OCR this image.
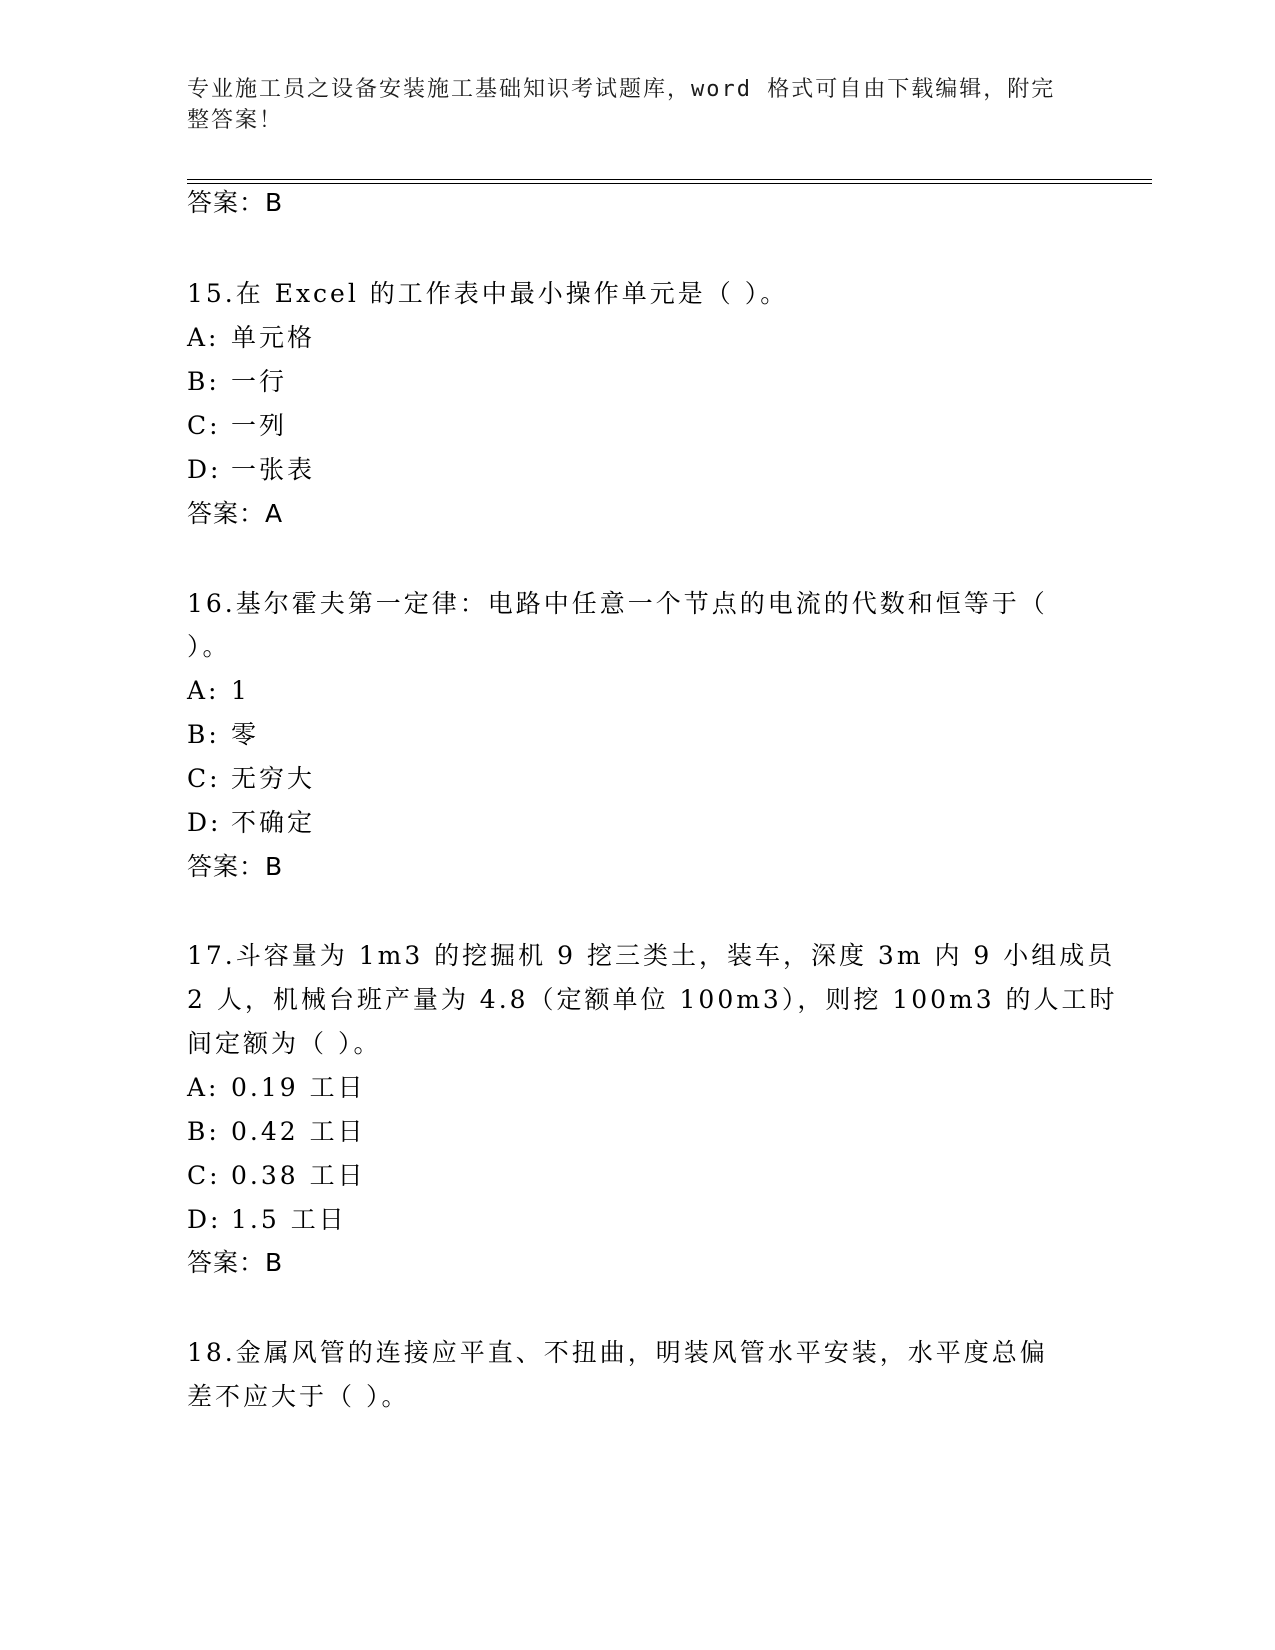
专业施工员之设备安装施工基础知识考试题库，word 格式可自由下载编辑，附完
整答案！
答案：B
15.在 Excel 的工作表中最小操作单元是（ ）。
A: 单元格
B: 一行
C: 一列
D: 一张表
答案：A
16.基尔霍夫第一定律：电路中任意一个节点的电流的代数和恒等于（
）。
A: 1
B: 零
C: 无穷大
D: 不确定
答案：B
17.斗容量为 1m3 的挖掘机 9 挖三类土，装车，深度 3m 内 9 小组成员
2 人，机械台班产量为 4.8（定额单位 100m3），则挖 100m3 的人工时
间定额为（ ）。
A: 0.19 工日
B: 0.42 工日
C: 0.38 工日
D: 1.5 工日
答案：B
18.金属风管的连接应平直、不扭曲，明装风管水平安装，水平度总偏
差不应大于（ ）。
